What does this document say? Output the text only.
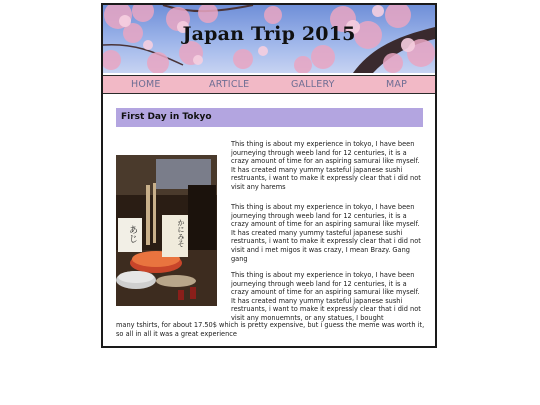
Japan Trip 2015
HOME	ARTICLE	GALLERY	MAP
First Day in Tokyo
あじ	かにみそ
This thing is about my experience in tokyo, I have been journeying through weeb land for 12 centuries, it is a crazy amount of time for an aspiring samurai like myself. It has created many yummy tasteful japanese sushi restruants, i want to make it expressly clear that i did not visit any harems
This thing is about my experience in tokyo, I have been journeying through weeb land for 12 centuries, it is a crazy amount of time for an aspiring samurai like myself. It has created many yummy tasteful japanese sushi restruants, i want to make it expressly clear that i did not visit and i met migos it was crazy, I mean Brazy. Gang gang
This thing is about my experience in tokyo, I have been journeying through weeb land for 12 centuries, it is a crazy amount of time for an aspiring samurai like myself. It has created many yummy tasteful japanese sushi restruants, i want to make it expressly clear that i did not visit any monuemnts, or any statues, I bought
many tshirts, for about 17.50$ which is pretty expensive, but i guess the meme was worth it, so all in all it was a great experience
